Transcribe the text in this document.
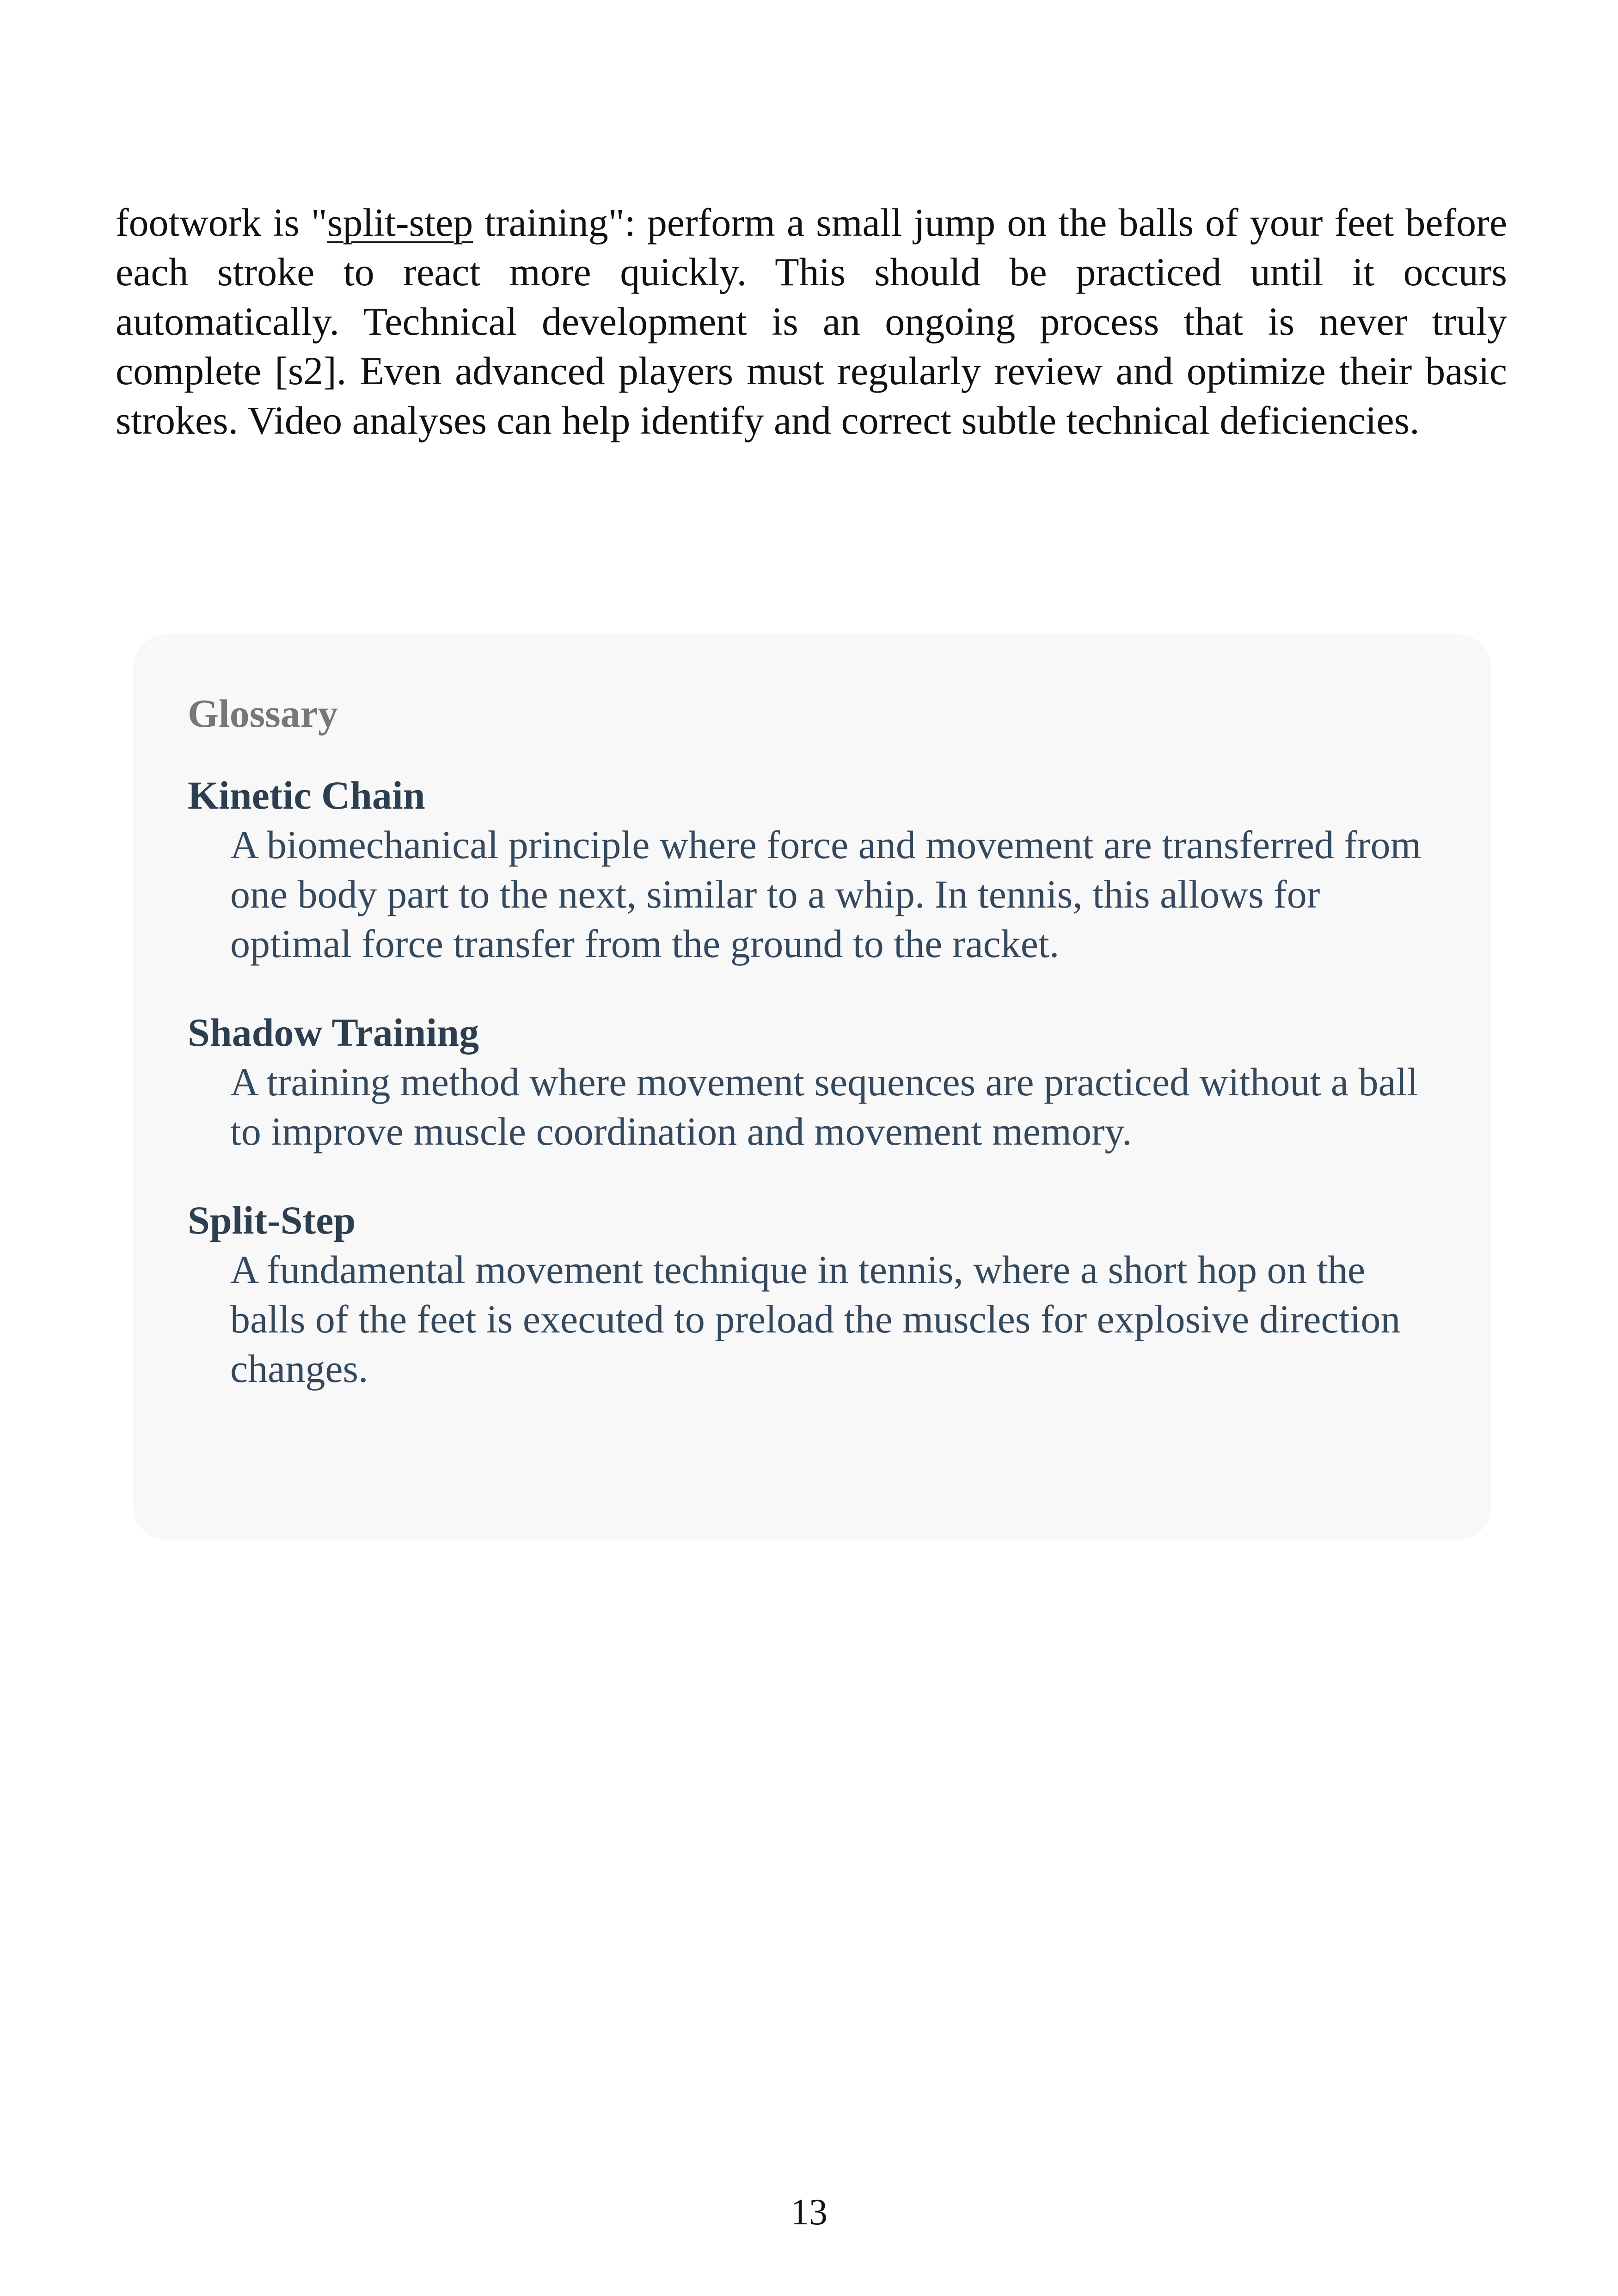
footwork is "split-step training": perform a small jump on the balls of your feet before each stroke to react more quickly. This should be practiced until it occurs automatically. Technical development is an ongoing process that is never truly complete [s2]. Even advanced players must regularly review and optimize their basic strokes. Video analyses can help identify and correct subtle technical deficiencies.

Glossary
Kinetic Chain
A biomechanical principle where force and movement are transferred from one body part to the next, similar to a whip. In tennis, this allows for optimal force transfer from the ground to the racket.
Shadow Training
A training method where movement sequences are practiced without a ball to improve muscle coordination and movement memory.
Split-Step
A fundamental movement technique in tennis, where a short hop on the balls of the feet is executed to preload the muscles for explosive direction changes.
13
